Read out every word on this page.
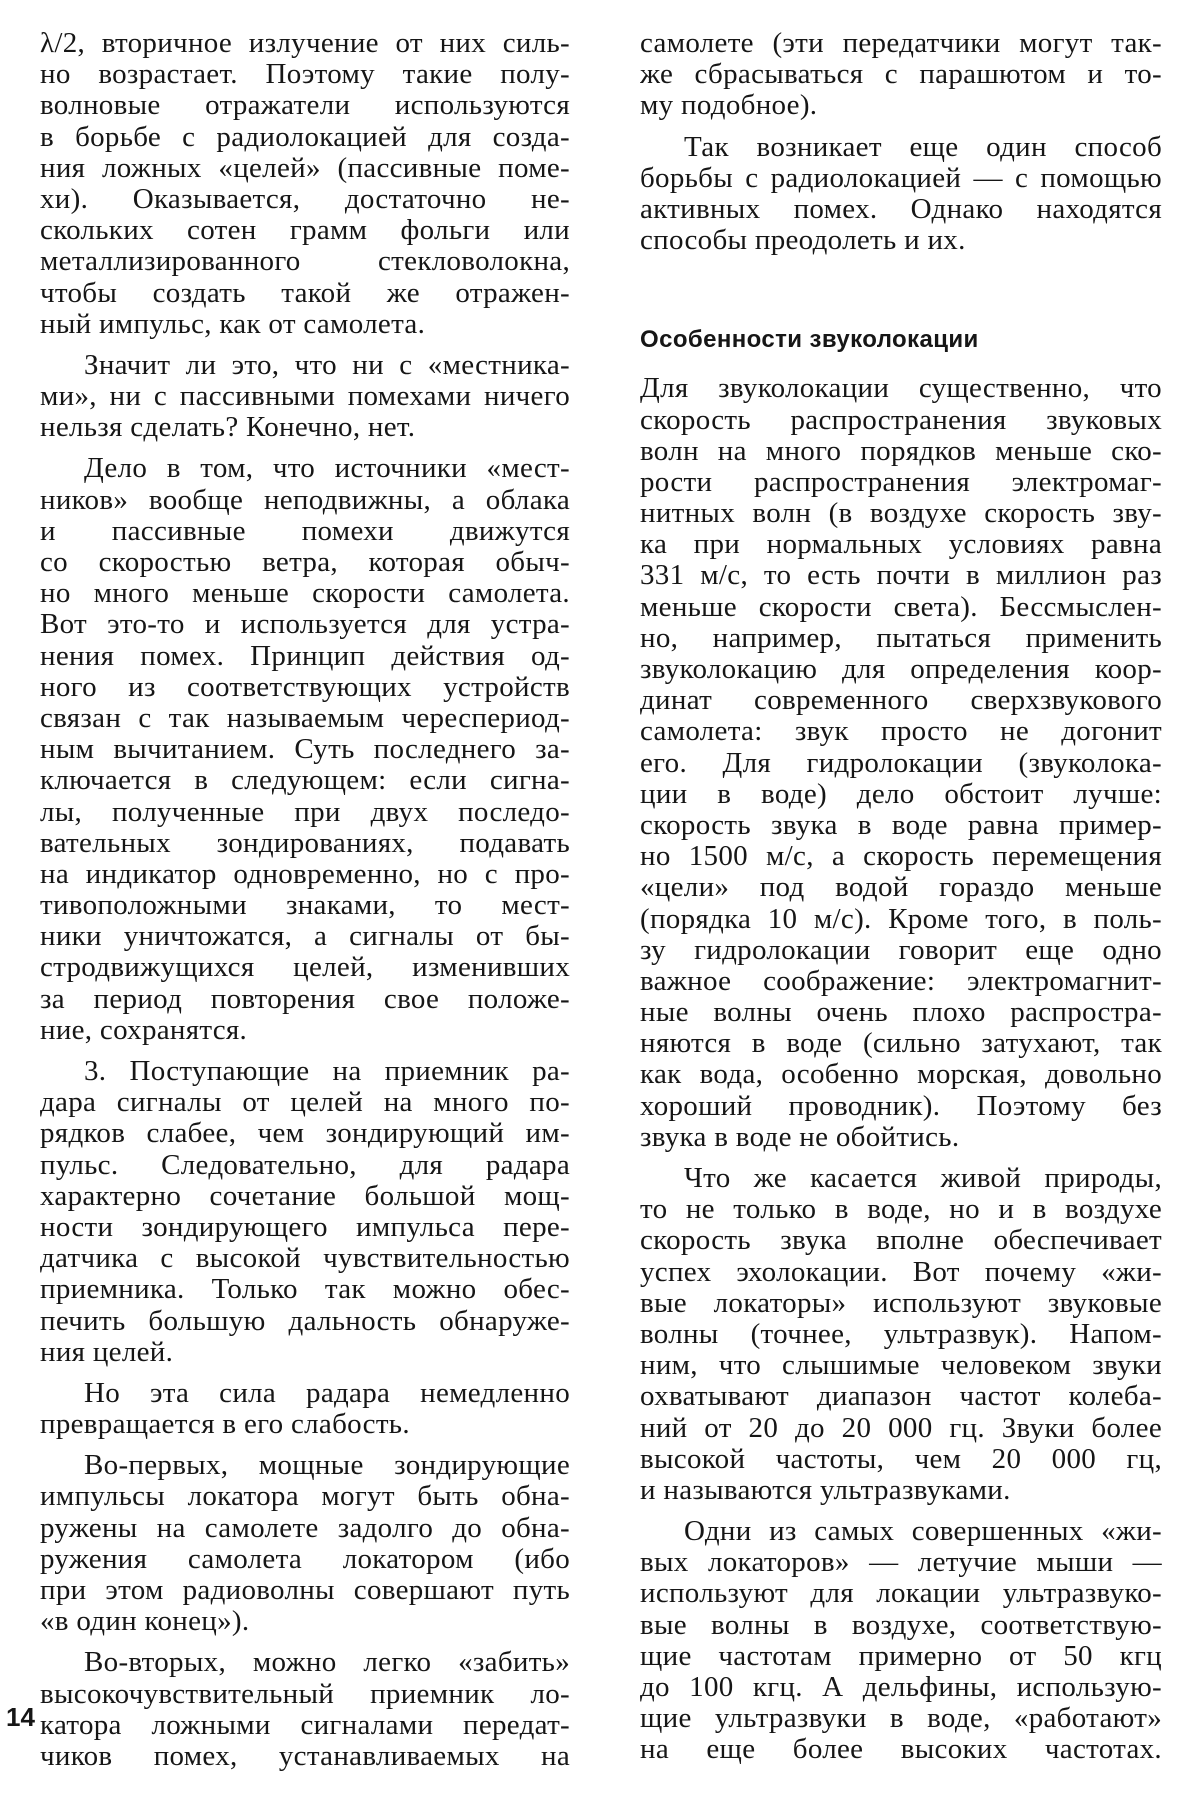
λ/2, вторичное излучение от них силь-
но возрастает. Поэтому такие полу-
волновые отражатели используются
в борьбе с радиолокацией для созда-
ния ложных «целей» (пассивные поме-
хи). Оказывается, достаточно не-
скольких сотен грамм фольги или
металлизированного стекловолокна,
чтобы создать такой же отражен-
ный импульс, как от самолета.
Значит ли это, что ни с «местника-
ми», ни с пассивными помехами ничего
нельзя сделать? Конечно, нет.
Дело в том, что источники «мест-
ников» вообще неподвижны, а облака
и пассивные помехи движутся
со скоростью ветра, которая обыч-
но много меньше скорости самолета.
Вот это-то и используется для устра-
нения помех. Принцип действия од-
ного из соответствующих устройств
связан с так называемым череспериод-
ным вычитанием. Суть последнего за-
ключается в следующем: если сигна-
лы, полученные при двух последо-
вательных зондированиях, подавать
на индикатор одновременно, но с про-
тивоположными знаками, то мест-
ники уничтожатся, а сигналы от бы-
стродвижущихся целей, изменивших
за период повторения свое положе-
ние, сохранятся.
3. Поступающие на приемник ра-
дара сигналы от целей на много по-
рядков слабее, чем зондирующий им-
пульс. Следовательно, для радара
характерно сочетание большой мощ-
ности зондирующего импульса пере-
датчика с высокой чувствительностью
приемника. Только так можно обес-
печить большую дальность обнаруже-
ния целей.
Но эта сила радара немедленно
превращается в его слабость.
Во-первых, мощные зондирующие
импульсы локатора могут быть обна-
ружены на самолете задолго до обна-
ружения самолета локатором (ибо
при этом радиоволны совершают путь
«в один конец»).
Во-вторых, можно легко «забить»
высокочувствительный приемник ло-
катора ложными сигналами передат-
чиков помех, устанавливаемых на
самолете (эти передатчики могут так-
же сбрасываться с парашютом и то-
му подобное).
Так возникает еще один способ
борьбы с радиолокацией — с помощью
активных помех. Однако находятся
способы преодолеть и их.
Особенности звуколокации
Для звуколокации существенно, что
скорость распространения звуковых
волн на много порядков меньше ско-
рости распространения электромаг-
нитных волн (в воздухе скорость зву-
ка при нормальных условиях равна
331 м/с, то есть почти в миллион раз
меньше скорости света). Бессмыслен-
но, например, пытаться применить
звуколокацию для определения коор-
динат современного сверхзвукового
самолета: звук просто не догонит
его. Для гидролокации (звуколока-
ции в воде) дело обстоит лучше:
скорость звука в воде равна пример-
но 1500 м/с, а скорость перемещения
«цели» под водой гораздо меньше
(порядка 10 м/с). Кроме того, в поль-
зу гидролокации говорит еще одно
важное соображение: электромагнит-
ные волны очень плохо распростра-
няются в воде (сильно затухают, так
как вода, особенно морская, довольно
хороший проводник). Поэтому без
звука в воде не обойтись.
Что же касается живой природы,
то не только в воде, но и в воздухе
скорость звука вполне обеспечивает
успех эхолокации. Вот почему «жи-
вые локаторы» используют звуковые
волны (точнее, ультразвук). Напом-
ним, что слышимые человеком звуки
охватывают диапазон частот колеба-
ний от 20 до 20 000 гц. Звуки более
высокой частоты, чем 20 000 гц,
и называются ультразвуками.
Одни из самых совершенных «жи-
вых локаторов» — летучие мыши —
используют для локации ультразвуко-
вые волны в воздухе, соответствую-
щие частотам примерно от 50 кгц
до 100 кгц. А дельфины, использую-
щие ультразвуки в воде, «работают»
на еще более высоких частотах.
14
